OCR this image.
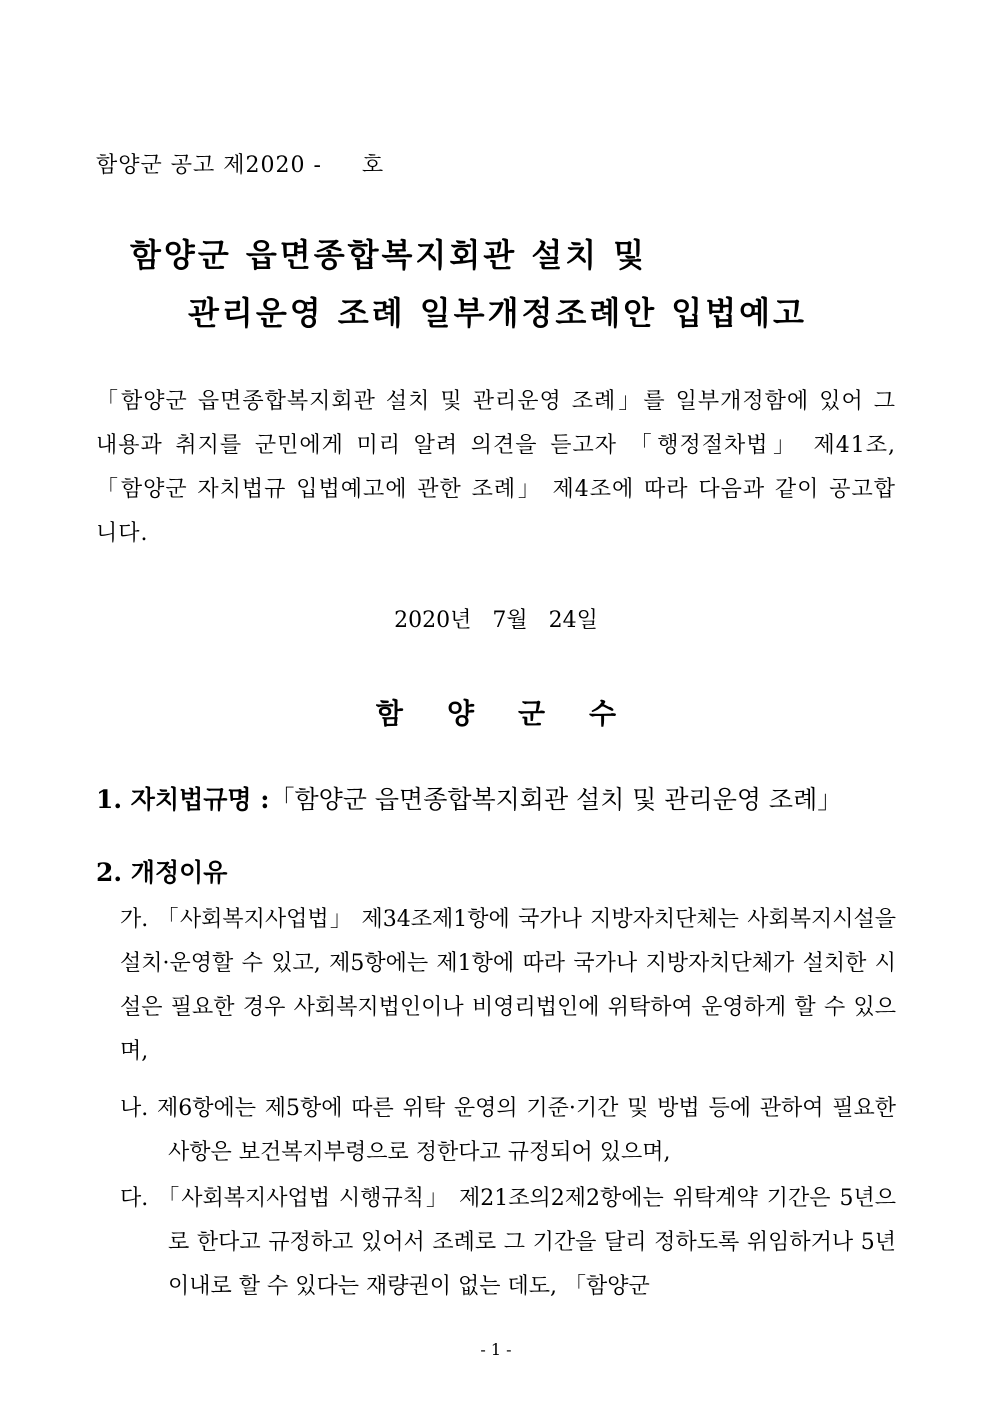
함양군 공고 제2020 -     호
함양군 읍면종합복지회관 설치 및
관리운영 조례 일부개정조례안 입법예고
「함양군 읍면종합복지회관 설치 및 관리운영 조례」를 일부개정함에 있어 그 내용과 취지를 군민에게 미리 알려 의견을 듣고자 「행정절차법」 제41조, 「함양군 자치법규 입법예고에 관한 조례」 제4조에 따라 다음과 같이 공고합니다.
2020년   7월   24일
함양군수
1. 자치법규명 :「함양군 읍면종합복지회관 설치 및 관리운영 조례」
2. 개정이유
가. 「사회복지사업법」 제34조제1항에 국가나 지방자치단체는 사회복지시설을 설치·운영할 수 있고, 제5항에는 제1항에 따라 국가나 지방자치단체가 설치한 시설은 필요한 경우 사회복지법인이나 비영리법인에 위탁하여 운영하게 할 수 있으며,
나. 제6항에는 제5항에 따른 위탁 운영의 기준·기간 및 방법 등에 관하여 필요한 사항은 보건복지부령으로 정한다고 규정되어 있으며,
다. 「사회복지사업법 시행규칙」 제21조의2제2항에는 위탁계약 기간은 5년으로 한다고 규정하고 있어서 조례로 그 기간을 달리 정하도록 위임하거나 5년 이내로 할 수 있다는 재량권이 없는 데도, 「함양군
- 1 -
